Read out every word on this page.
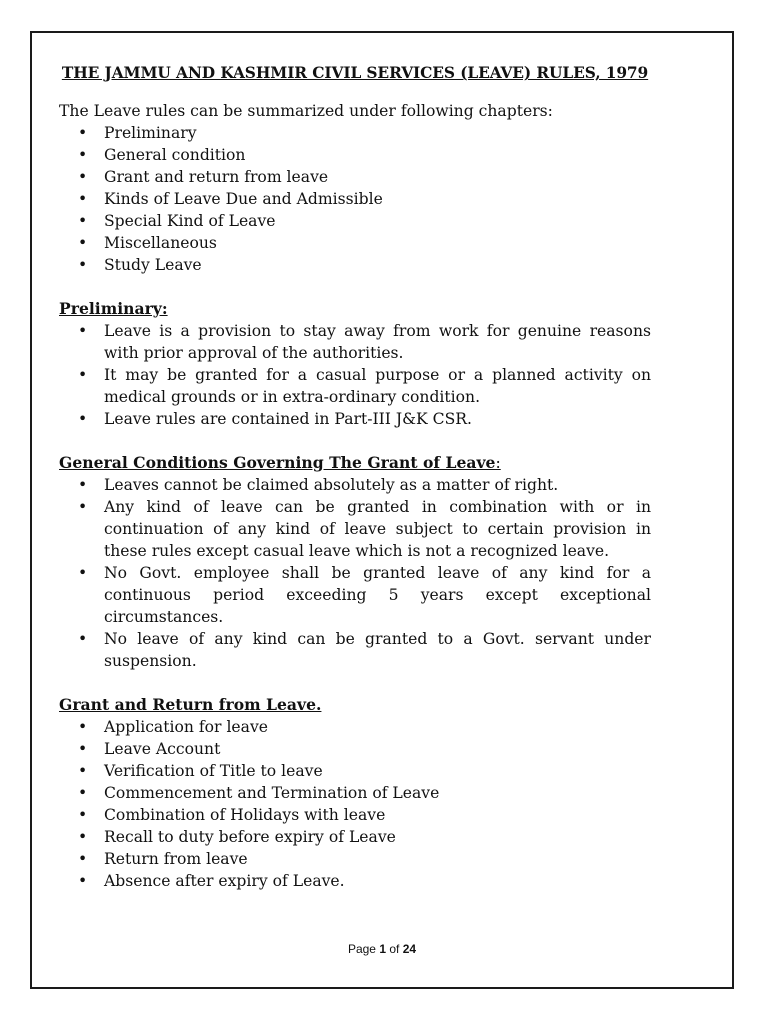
THE JAMMU AND KASHMIR CIVIL SERVICES (LEAVE) RULES, 1979

The Leave rules can be summarized under following chapters:

• Preliminary
• General condition
• Grant and return from leave
• Kinds of Leave Due and Admissible
• Special Kind of Leave
• Miscellaneous
• Study Leave

Preliminary:

• Leave is a provision to stay away from work for genuine reasons with prior approval of the authorities.
• It may be granted for a casual purpose or a planned activity on medical grounds or in extra-ordinary condition.
• Leave rules are contained in Part-III J&K CSR.

General Conditions Governing The Grant of Leave:

• Leaves cannot be claimed absolutely as a matter of right.
• Any kind of leave can be granted in combination with or in continuation of any kind of leave subject to certain provision in these rules except casual leave which is not a recognized leave.
• No Govt. employee shall be granted leave of any kind for a continuous period exceeding 5 years except exceptional circumstances.
• No leave of any kind can be granted to a Govt. servant under suspension.

Grant and Return from Leave.

• Application for leave
• Leave Account
• Verification of Title to leave
• Commencement and Termination of Leave
• Combination of Holidays with leave
• Recall to duty before expiry of Leave
• Return from leave
• Absence after expiry of Leave.
Page 1 of 24
